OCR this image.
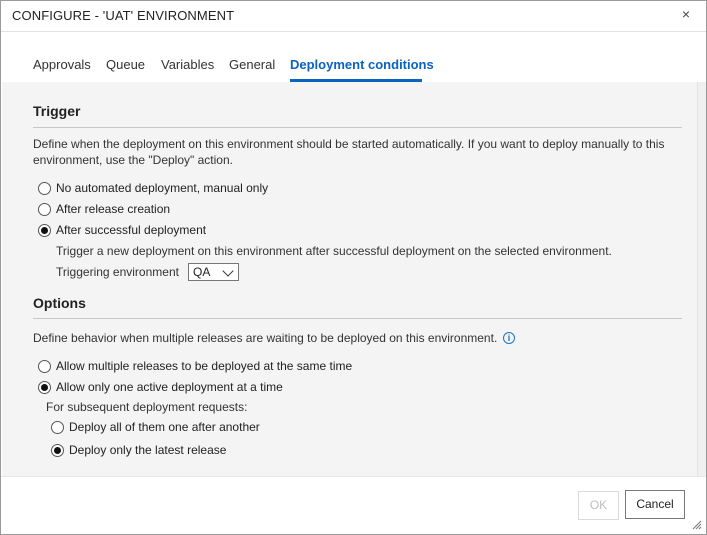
CONFIGURE - 'UAT' ENVIRONMENT	×
Approvals Queue Variables General Deployment conditions
Trigger
Define when the deployment on this environment should be started automatically. If you want to deploy manually to this
environment, use the "Deploy" action.
No automated deployment, manual only
After release creation
After successful deployment
Trigger a new deployment on this environment after successful deployment on the selected environment.
Triggering environment QA
Options
Define behavior when multiple releases are waiting to be deployed on this environment.	i
Allow multiple releases to be deployed at the same time
Allow only one active deployment at a time
For subsequent deployment requests:
Deploy all of them one after another
Deploy only the latest release
OK	Cancel
